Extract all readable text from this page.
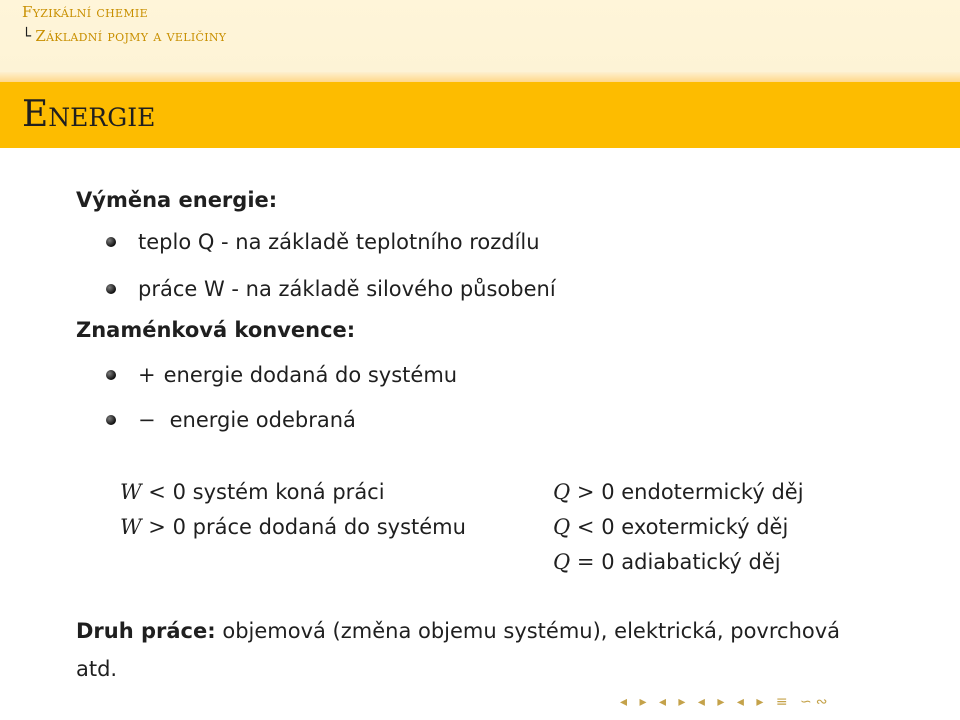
Fyzikální chemie
└ Základní pojmy a veličiny
Energie
Výměna energie:
teplo Q - na základě teplotního rozdílu
práce W - na základě silového působení
Znaménková konvence:
+ energie dodaná do systému
− energie odebraná
W < 0 systém koná práci
W > 0 práce dodaná do systému
Q > 0 endotermický děj
Q < 0 exotermický děj
Q = 0 adiabatický děj
Druh práce: objemová (změna objemu systému), elektrická, povrchová atd.
◂ ▸ ◂ ▸ ◂ ▸ ◂ ▸ ≡ ∽∾
